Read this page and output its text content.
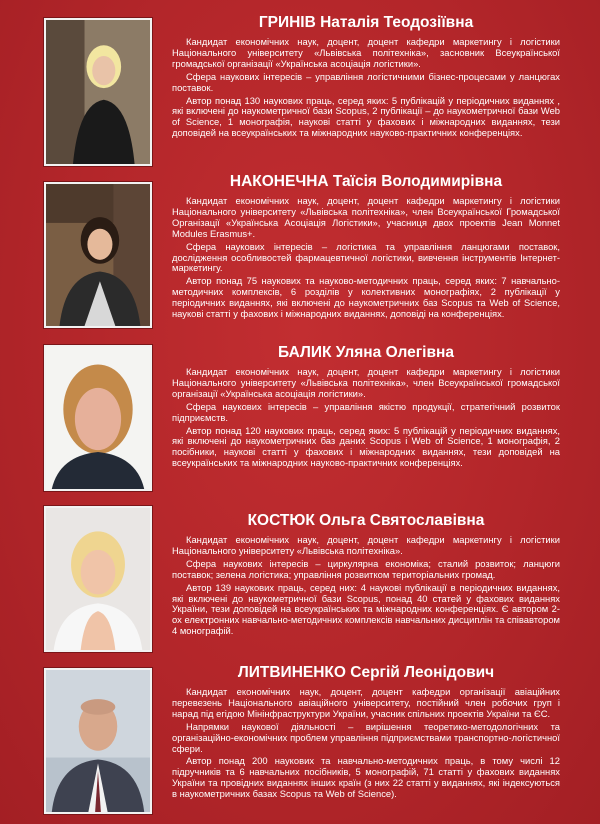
ГРИНІВ Наталія Теодозіївна

Кандидат економічних наук, доцент, доцент кафедри маркетингу і логістики Національного університету «Львівська політехніка», засновник Всеукраїнської громадської організації «Українська асоціація логістики».

Сфера наукових інтересів – управління логістичними бізнес-процесами у ланцюгах поставок.

Автор понад 130 наукових праць, серед яких: 5 публікацій у періодичних виданнях , які включені до наукометричної бази Scopus, 2 публікації – до наукометричної бази Web of Science, 1 монографія, наукові статті у фахових і міжнародних виданнях, тези доповідей на всеукраїнських та міжнародних науково-практичних конференціях.

НАКОНЕЧНА Таїсія Володимирівна

Кандидат економічних наук, доцент, доцент кафедри маркетингу і логістики Національного університету «Львівська політехніка», член Всеукраїнської Громадської Організації «Українська Асоціація Логістики», учасниця двох проектів Jean Monnet Modules Erasmus+.

Сфера наукових інтересів – логістика та управління ланцюгами поставок, дослідження особливостей фармацевтичної логістики, вивчення інструментів Інтернет-маркетингу.

Автор понад 75 наукових та науково-методичних праць, серед яких: 7 навчально-методичних комплексів, 6 розділів у колективних монографіях, 2 публікації у періодичних виданнях, які включені до наукометричних баз Scopus та Web of Science, наукові статті у фахових і міжнародних виданнях, доповіді на конференціях.

БАЛИК Уляна Олегівна

Кандидат економічних наук, доцент, доцент кафедри маркетингу і логістики Національного університету «Львівська політехніка», член Всеукраїнської громадської організації «Українська асоціація логістики».

Сфера наукових інтересів – управління якістю продукції, стратегічний розвиток підприємств.

Автор понад 120 наукових праць, серед яких: 5 публікацій у періодичних виданнях, які включені до наукометричних баз даних Scopus і Web of Science, 1 монографія, 2 посібники, наукові статті у фахових і міжнародних виданнях, тези доповідей на всеукраїнських та міжнародних науково-практичних конференціях.

КОСТЮК Ольга Святославівна

Кандидат економічних наук, доцент, доцент кафедри маркетингу і логістики Національного університету «Львівська політехніка».

Сфера наукових інтересів – циркулярна економіка; сталий розвиток; ланцюги поставок; зелена логістика; управління розвитком територіальних громад.

Автор 139 наукових праць, серед них: 4 наукові публікації в періодичних виданнях, які включені до наукометричної бази Scopus, понад 40 статей у фахових виданнях України, тези доповідей на всеукраїнських та міжнародних конференціях. Є автором 2-ох електронних навчально-методичних комплексів навчальних дисциплін та співавтором 4 монографій.

ЛИТВИНЕНКО Сергій Леонідович

Кандидат економічних наук, доцент, доцент кафедри організації авіаційних перевезень Національного авіаційного університету, постійний член робочих груп і нарад під егідою Мінінфраструктури України, учасник спільних проектів України та ЄС.

Напрямки наукової діяльності – вирішення теоретико-методологічних та організаційно-економічних проблем управління підприємствами транспортно-логістичної сфери.

Автор понад 200 наукових та навчально-методичних праць, в тому числі 12 підручників та 6 навчальних посібників, 5 монографій, 71 статті у фахових виданнях України та провідних виданнях інших країн (з них 22 статті у виданнях, які індексуються в наукометричних базах Scopus та Web of Science).
